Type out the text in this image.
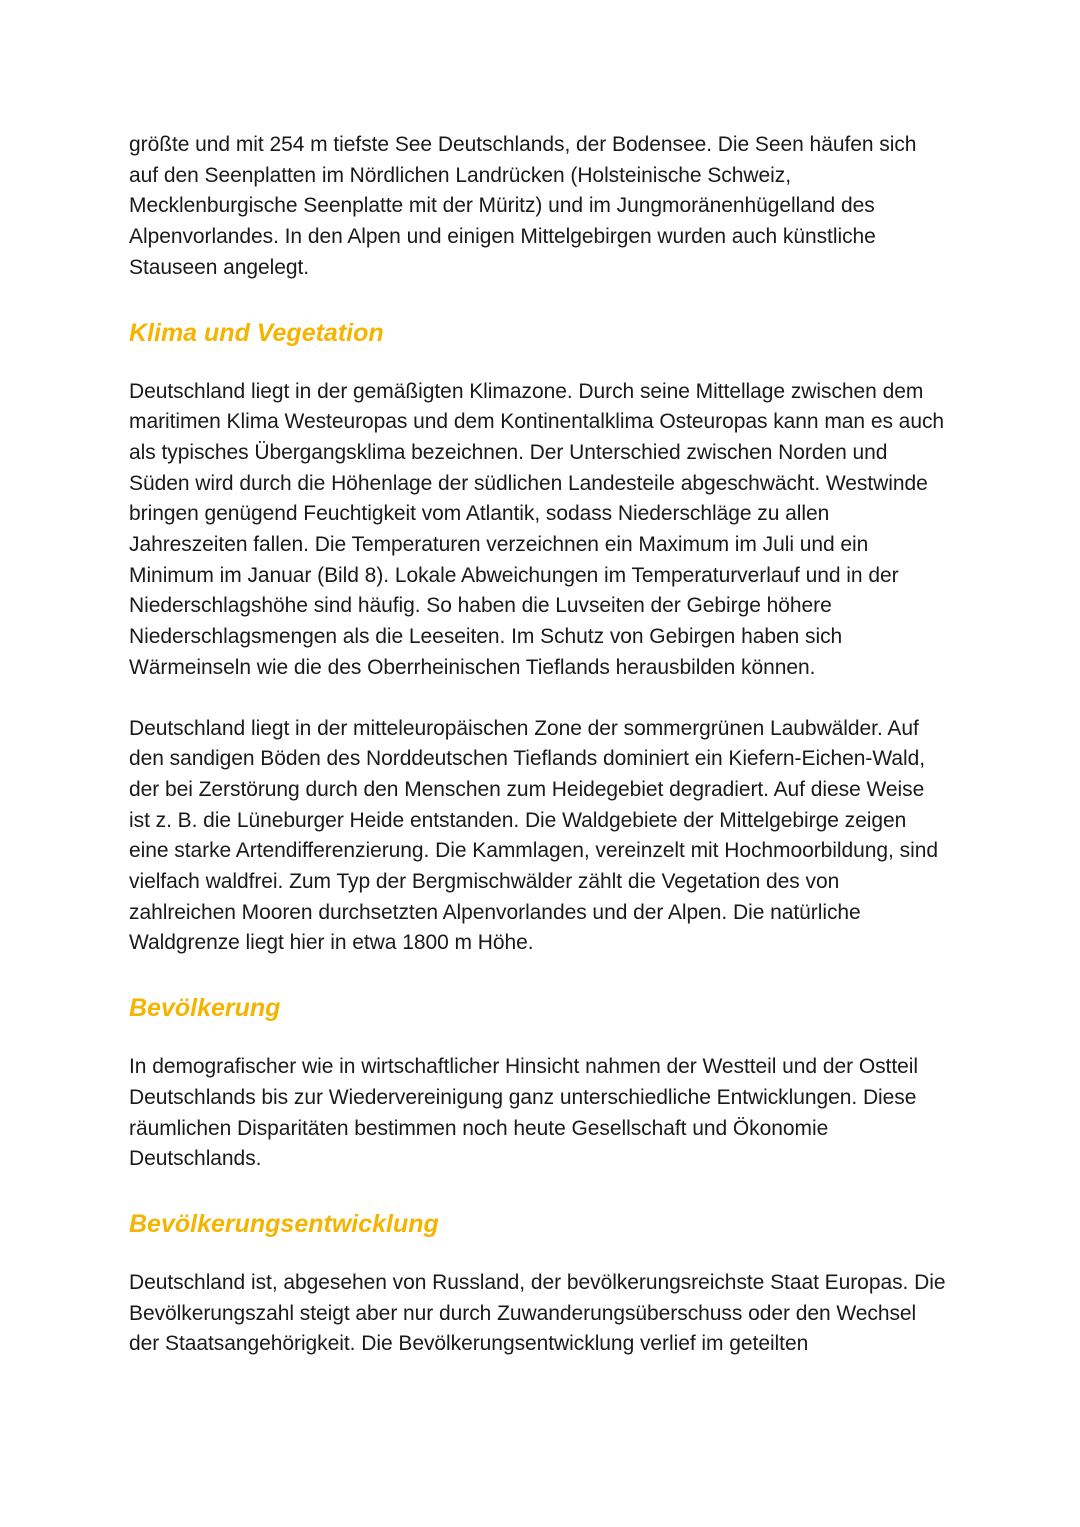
größte und mit 254 m tiefste See Deutschlands, der Bodensee. Die Seen häufen sich auf den Seenplatten im Nördlichen Landrücken (Holsteinische Schweiz, Mecklenburgische Seenplatte mit der Müritz) und im Jungmoränenhügelland des Alpenvorlandes. In den Alpen und einigen Mittelgebirgen wurden auch künstliche Stauseen angelegt.

Klima und Vegetation

Deutschland liegt in der gemäßigten Klimazone. Durch seine Mittellage zwischen dem maritimen Klima Westeuropas und dem Kontinentalklima Osteuropas kann man es auch als typisches Übergangsklima bezeichnen. Der Unterschied zwischen Norden und Süden wird durch die Höhenlage der südlichen Landesteile abgeschwächt. Westwinde bringen genügend Feuchtigkeit vom Atlantik, sodass Niederschläge zu allen Jahreszeiten fallen. Die Temperaturen verzeichnen ein Maximum im Juli und ein Minimum im Januar (Bild 8). Lokale Abweichungen im Temperaturverlauf und in der Niederschlagshöhe sind häufig. So haben die Luvseiten der Gebirge höhere Niederschlagsmengen als die Leeseiten. Im Schutz von Gebirgen haben sich Wärmeinseln wie die des Oberrheinischen Tieflands herausbilden können.

Deutschland liegt in der mitteleuropäischen Zone der sommergrünen Laubwälder. Auf den sandigen Böden des Norddeutschen Tieflands dominiert ein Kiefern-Eichen-Wald, der bei Zerstörung durch den Menschen zum Heidegebiet degradiert. Auf diese Weise ist z. B. die Lüneburger Heide entstanden. Die Waldgebiete der Mittelgebirge zeigen eine starke Artendifferenzierung. Die Kammlagen, vereinzelt mit Hochmoorbildung, sind vielfach waldfrei. Zum Typ der Bergmischwälder zählt die Vegetation des von zahlreichen Mooren durchsetzten Alpenvorlandes und der Alpen. Die natürliche Waldgrenze liegt hier in etwa 1800 m Höhe.

Bevölkerung

In demografischer wie in wirtschaftlicher Hinsicht nahmen der Westteil und der Ostteil Deutschlands bis zur Wiedervereinigung ganz unterschiedliche Entwicklungen. Diese räumlichen Disparitäten bestimmen noch heute Gesellschaft und Ökonomie Deutschlands.

Bevölkerungsentwicklung

Deutschland ist, abgesehen von Russland, der bevölkerungsreichste Staat Europas. Die Bevölkerungszahl steigt aber nur durch Zuwanderungsüberschuss oder den Wechsel der Staatsangehörigkeit. Die Bevölkerungsentwicklung verlief im geteilten
